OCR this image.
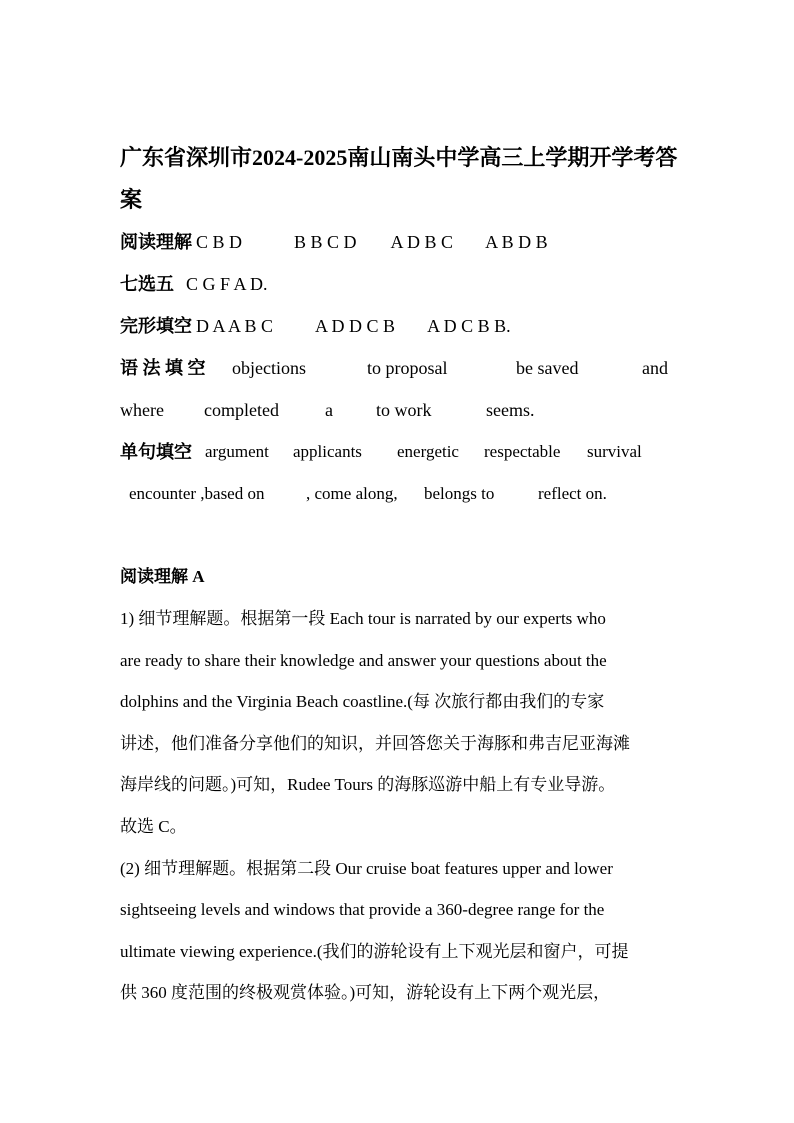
广东省深圳市2024-2025南山南头中学高三上学期开学考答
案
阅读理解 C B D	B B C D A D B C A B D B
七选五 C G F A D.
完形填空 D A A B C A D D C B A D C B B.
语 法 填 空 objections	to proposal	be saved	and
where completed	a to work	seems.
单句填空 argument applicants energetic respectable survival
encounter ,based on , come along, belongs to	reflect on.
阅读理解 A
1) 细节理解题。根据第一段 Each tour is narrated by our experts who
are ready to share their knowledge and answer your questions about the
dolphins and the Virginia Beach coastline.(每 次旅行都由我们的专家
讲述，他们准备分享他们的知识，并回答您关于海豚和弗吉尼亚海滩
海岸线的问题。)可知，Rudee Tours 的海豚巡游中船上有专业导游。
故选 C。
(2) 细节理解题。根据第二段 Our cruise boat features upper and lower
sightseeing levels and windows that provide a 360-degree range for the
ultimate viewing experience.(我们的游轮设有上下观光层和窗户，可提
供 360 度范围的终极观赏体验。)可知，游轮设有上下两个观光层，
